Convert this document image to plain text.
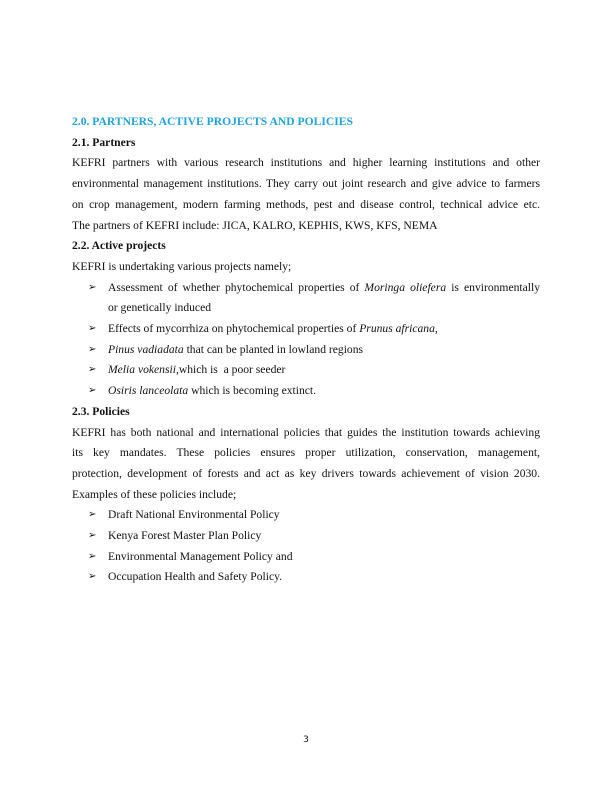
2.0. PARTNERS, ACTIVE PROJECTS AND POLICIES
2.1. Partners
KEFRI partners with various research institutions and higher learning institutions and other
environmental management institutions. They carry out joint research and give advice to farmers
on crop management, modern farming methods, pest and disease control, technical advice etc.
The partners of KEFRI include: JICA, KALRO, KEPHIS, KWS, KFS, NEMA
2.2. Active projects
KEFRI is undertaking various projects namely;
➢ Assessment of whether phytochemical properties of Moringa oliefera is environmentally
or genetically induced
➢ Effects of mycorrhiza on phytochemical properties of Prunus africana,
➢ Pinus vadiadata that can be planted in lowland regions
➢ Melia vokensii,which is  a poor seeder
➢ Osiris lanceolata which is becoming extinct.
2.3. Policies
KEFRI has both national and international policies that guides the institution towards achieving
its key mandates. These policies ensures proper utilization, conservation, management,
protection, development of forests and act as key drivers towards achievement of vision 2030.
Examples of these policies include;
➢ Draft National Environmental Policy
➢ Kenya Forest Master Plan Policy
➢ Environmental Management Policy and
➢ Occupation Health and Safety Policy.
3
